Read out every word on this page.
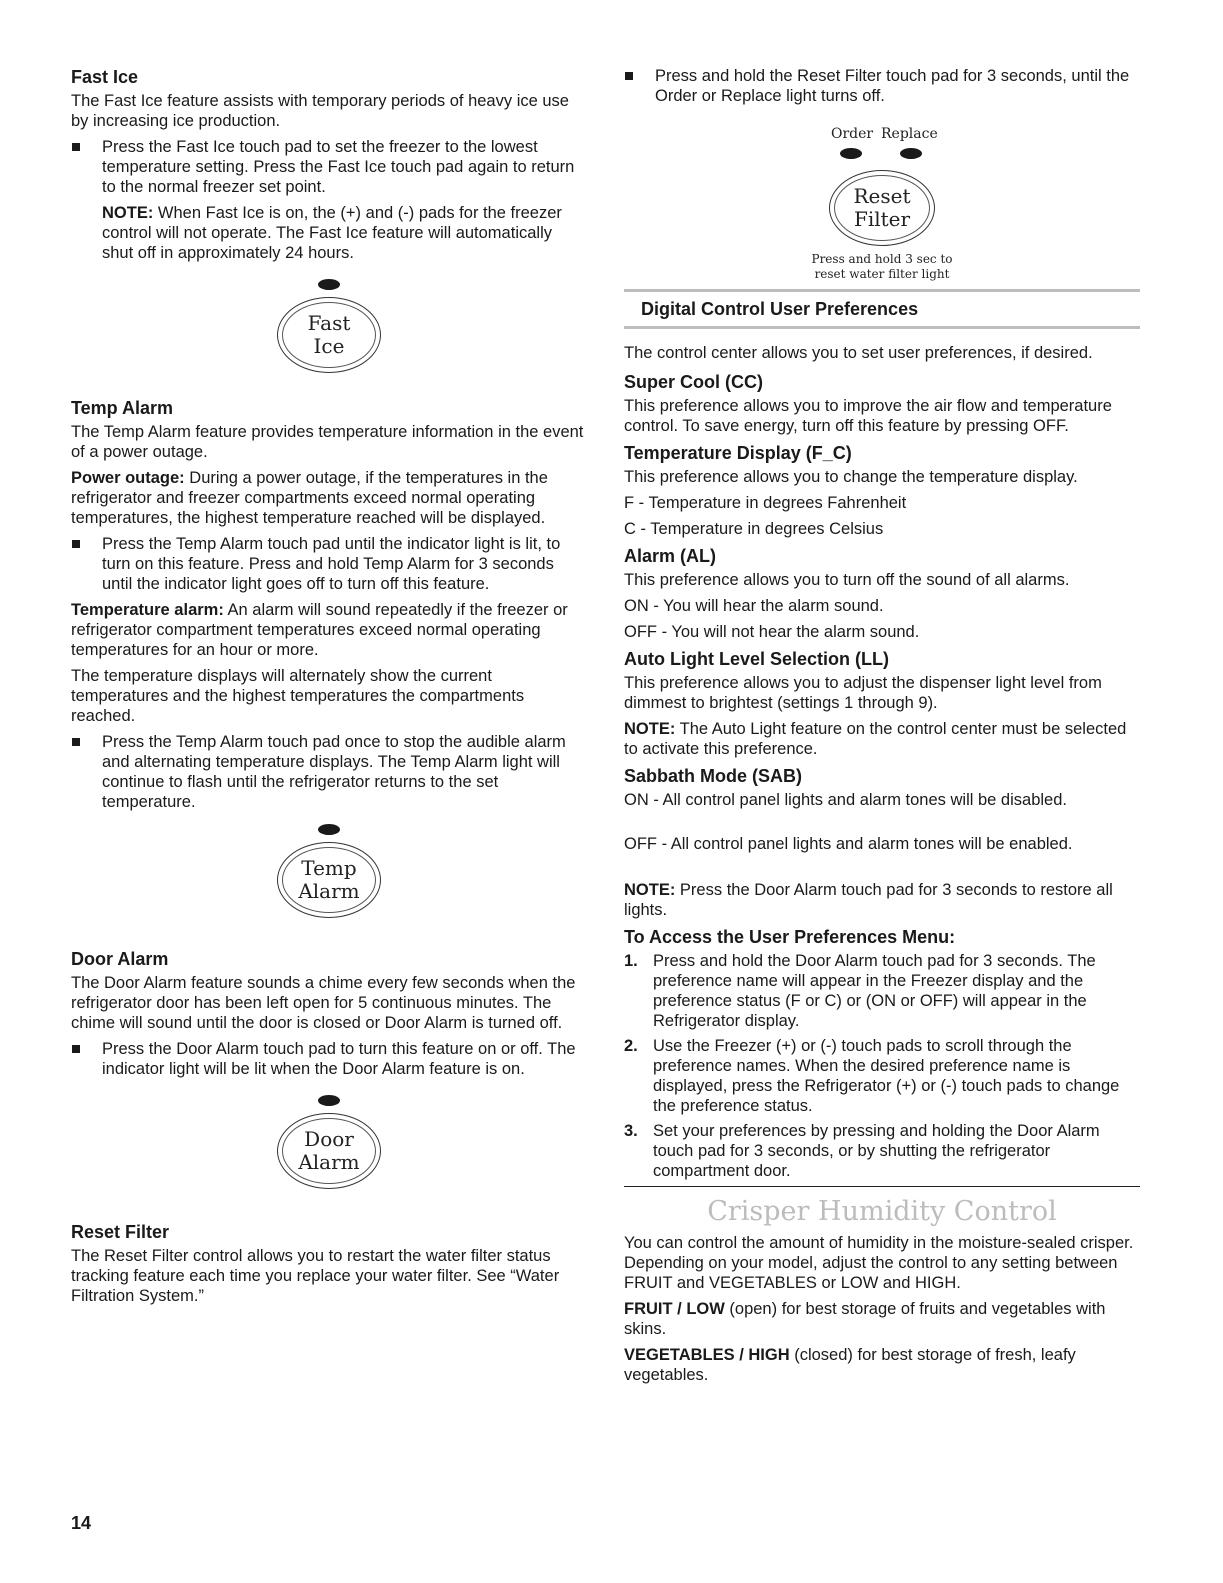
Fast Ice

The Fast Ice feature assists with temporary periods of heavy ice use by increasing ice production.

Press the Fast Ice touch pad to set the freezer to the lowest temperature setting. Press the Fast Ice touch pad again to return to the normal freezer set point.

NOTE: When Fast Ice is on, the (+) and (-) pads for the freezer control will not operate. The Fast Ice feature will automatically shut off in approximately 24 hours.

Fast
Ice
Temp Alarm

The Temp Alarm feature provides temperature information in the event of a power outage.

Power outage: During a power outage, if the temperatures in the refrigerator and freezer compartments exceed normal operating temperatures, the highest temperature reached will be displayed.

Press the Temp Alarm touch pad until the indicator light is lit, to turn on this feature. Press and hold Temp Alarm for 3 seconds until the indicator light goes off to turn off this feature.

Temperature alarm: An alarm will sound repeatedly if the freezer or refrigerator compartment temperatures exceed normal operating temperatures for an hour or more.

The temperature displays will alternately show the current temperatures and the highest temperatures the compartments reached.

Press the Temp Alarm touch pad once to stop the audible alarm and alternating temperature displays. The Temp Alarm light will continue to flash until the refrigerator returns to the set temperature.
Temp
Alarm
Door Alarm

The Door Alarm feature sounds a chime every few seconds when the refrigerator door has been left open for 5 continuous minutes. The chime will sound until the door is closed or Door Alarm is turned off.

Press the Door Alarm touch pad to turn this feature on or off. The indicator light will be lit when the Door Alarm feature is on.
Door
Alarm
Reset Filter

The Reset Filter control allows you to restart the water filter status tracking feature each time you replace your water filter. See “Water Filtration System.”

Press and hold the Reset Filter touch pad for 3 seconds, until the Order or Replace light turns off.
Order Replace
Reset
Filter
Press and hold 3 sec to
reset water filter light
Digital Control User Preferences

The control center allows you to set user preferences, if desired.

Super Cool (CC)

This preference allows you to improve the air flow and temperature control. To save energy, turn off this feature by pressing OFF.

Temperature Display (F_C)

This preference allows you to change the temperature display.

F - Temperature in degrees Fahrenheit

C - Temperature in degrees Celsius

Alarm (AL)

This preference allows you to turn off the sound of all alarms.

ON - You will hear the alarm sound.

OFF - You will not hear the alarm sound.

Auto Light Level Selection (LL)

This preference allows you to adjust the dispenser light level from dimmest to brightest (settings 1 through 9).

NOTE: The Auto Light feature on the control center must be selected to activate this preference.

Sabbath Mode (SAB)

ON - All control panel lights and alarm tones will be disabled.

OFF - All control panel lights and alarm tones will be enabled.

NOTE: Press the Door Alarm touch pad for 3 seconds to restore all lights.

To Access the User Preferences Menu:
1. Press and hold the Door Alarm touch pad for 3 seconds. The preference name will appear in the Freezer display and the preference status (F or C) or (ON or OFF) will appear in the Refrigerator display.
2. Use the Freezer (+) or (-) touch pads to scroll through the preference names. When the desired preference name is displayed, press the Refrigerator (+) or (-) touch pads to change the preference status.
3. Set your preferences by pressing and holding the Door Alarm touch pad for 3 seconds, or by shutting the refrigerator compartment door.
Crisper Humidity Control

You can control the amount of humidity in the moisture-sealed crisper. Depending on your model, adjust the control to any setting between FRUIT and VEGETABLES or LOW and HIGH.

FRUIT / LOW (open) for best storage of fruits and vegetables with skins.

VEGETABLES / HIGH (closed) for best storage of fresh, leafy vegetables.

14
